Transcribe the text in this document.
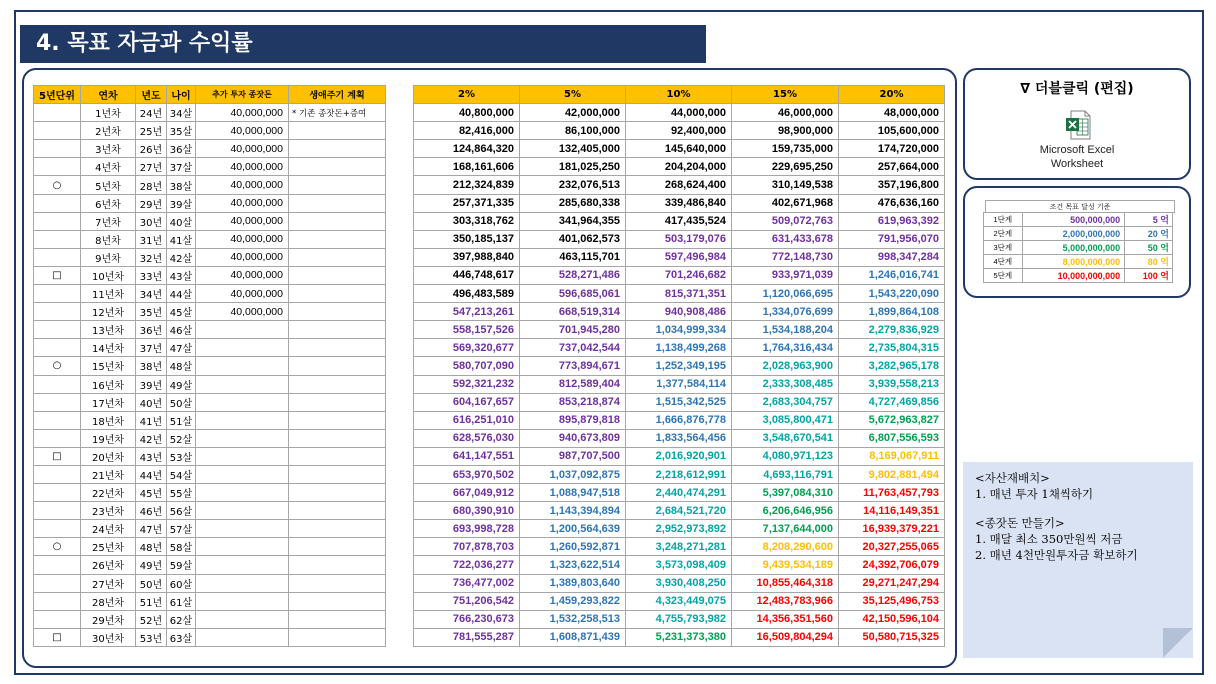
4. 목표 자금과 수익률
5년단위	연차	년도	나이	추가 투자 종잣돈	생애주기 계획
	1년차	24년	34살	40,000,000	* 기존 종잣돈+증여
	2년차	25년	35살	40,000,000	
	3년차	26년	36살	40,000,000	
	4년차	27년	37살	40,000,000	
○	5년차	28년	38살	40,000,000	
	6년차	29년	39살	40,000,000	
	7년차	30년	40살	40,000,000	
	8년차	31년	41살	40,000,000	
	9년차	32년	42살	40,000,000	
□	10년차	33년	43살	40,000,000	
	11년차	34년	44살	40,000,000	
	12년차	35년	45살	40,000,000	
	13년차	36년	46살		
	14년차	37년	47살		
○	15년차	38년	48살		
	16년차	39년	49살		
	17년차	40년	50살		
	18년차	41년	51살		
	19년차	42년	52살		
□	20년차	43년	53살		
	21년차	44년	54살		
	22년차	45년	55살		
	23년차	46년	56살		
	24년차	47년	57살		
○	25년차	48년	58살		
	26년차	49년	59살		
	27년차	50년	60살		
	28년차	51년	61살		
	29년차	52년	62살		
□	30년차	53년	63살		
2%	5%	10%	15%	20%
40,800,000	42,000,000	44,000,000	46,000,000	48,000,000
82,416,000	86,100,000	92,400,000	98,900,000	105,600,000
124,864,320	132,405,000	145,640,000	159,735,000	174,720,000
168,161,606	181,025,250	204,204,000	229,695,250	257,664,000
212,324,839	232,076,513	268,624,400	310,149,538	357,196,800
257,371,335	285,680,338	339,486,840	402,671,968	476,636,160
303,318,762	341,964,355	417,435,524	509,072,763	619,963,392
350,185,137	401,062,573	503,179,076	631,433,678	791,956,070
397,988,840	463,115,701	597,496,984	772,148,730	998,347,284
446,748,617	528,271,486	701,246,682	933,971,039	1,246,016,741
496,483,589	596,685,061	815,371,351	1,120,066,695	1,543,220,090
547,213,261	668,519,314	940,908,486	1,334,076,699	1,899,864,108
558,157,526	701,945,280	1,034,999,334	1,534,188,204	2,279,836,929
569,320,677	737,042,544	1,138,499,268	1,764,316,434	2,735,804,315
580,707,090	773,894,671	1,252,349,195	2,028,963,900	3,282,965,178
592,321,232	812,589,404	1,377,584,114	2,333,308,485	3,939,558,213
604,167,657	853,218,874	1,515,342,525	2,683,304,757	4,727,469,856
616,251,010	895,879,818	1,666,876,778	3,085,800,471	5,672,963,827
628,576,030	940,673,809	1,833,564,456	3,548,670,541	6,807,556,593
641,147,551	987,707,500	2,016,920,901	4,080,971,123	8,169,067,911
653,970,502	1,037,092,875	2,218,612,991	4,693,116,791	9,802,881,494
667,049,912	1,088,947,518	2,440,474,291	5,397,084,310	11,763,457,793
680,390,910	1,143,394,894	2,684,521,720	6,206,646,956	14,116,149,351
693,998,728	1,200,564,639	2,952,973,892	7,137,644,000	16,939,379,221
707,878,703	1,260,592,871	3,248,271,281	8,208,290,600	20,327,255,065
722,036,277	1,323,622,514	3,573,098,409	9,439,534,189	24,392,706,079
736,477,002	1,389,803,640	3,930,408,250	10,855,464,318	29,271,247,294
751,206,542	1,459,293,822	4,323,449,075	12,483,783,966	35,125,496,753
766,230,673	1,532,258,513	4,755,793,982	14,356,351,560	42,150,596,104
781,555,287	1,608,871,439	5,231,373,380	16,509,804,294	50,580,715,325
∇ 더블클릭 (편집)
Microsoft Excel
Worksheet
조건 목표 달성 기준
1단계	500,000,000	5 억
2단계	2,000,000,000	20 억
3단계	5,000,000,000	50 억
4단계	8,000,000,000	80 억
5단계	10,000,000,000	100 억
<자산재배치>
1. 매년 투자 1채씩하기
<종잣돈 만들기>
1. 매달 최소 350만원씩 저금
2. 매년 4천만원투자금 확보하기
